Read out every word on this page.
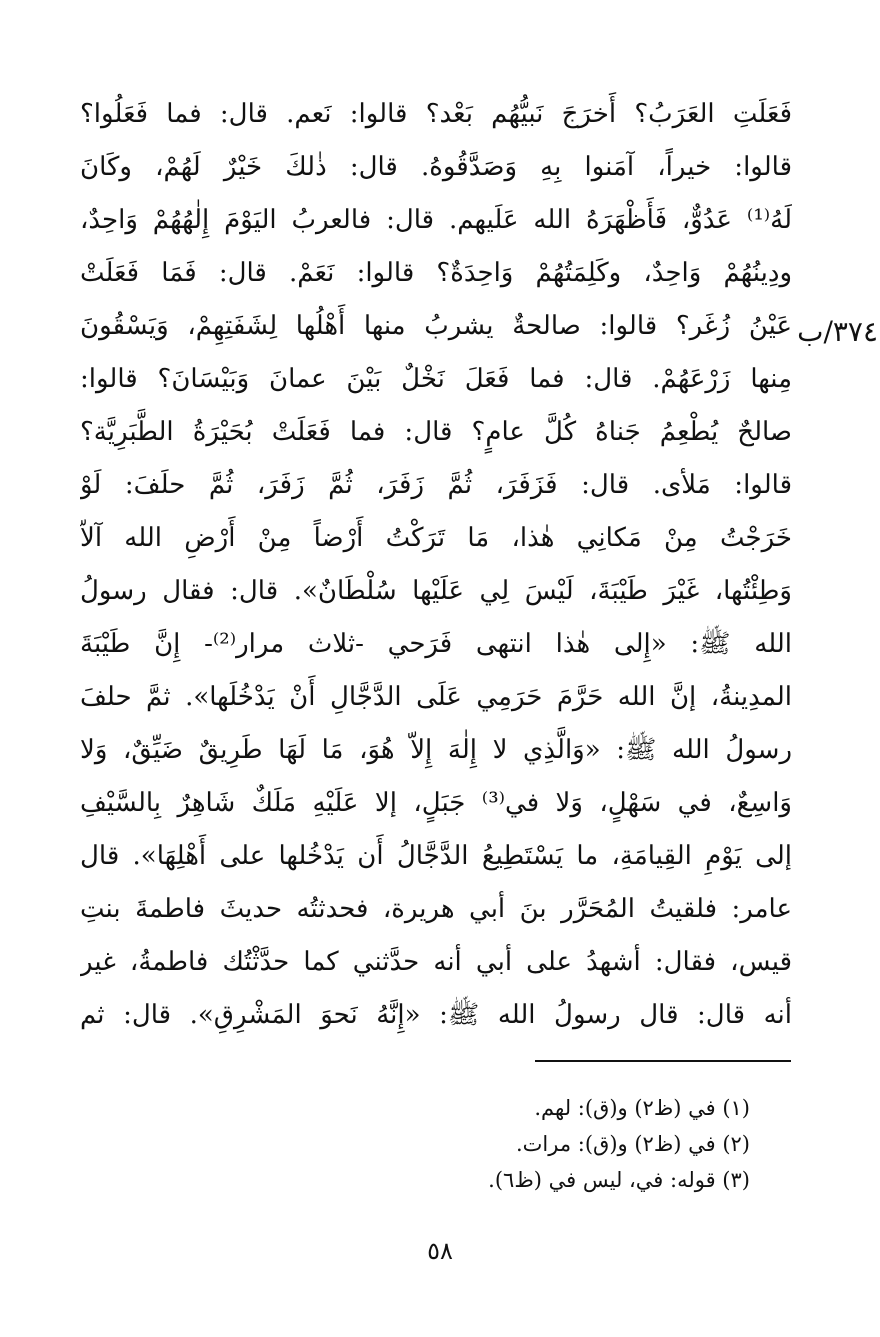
٣٧٤/ب
فَعَلَتِ العَرَبُ؟ أَخرَجَ نَبيُّهُم بَعْد؟ قالوا: نَعم. قال: فما فَعَلُوا؟
قالوا: خيراً، آمَنوا بِهِ وَصَدَّقُوهُ. قال: ذٰلكَ خَيْرٌ لَهُمْ، وكَانَ
لَهُ⁽¹⁾ عَدُوٌّ، فَأَظْهَرَهُ الله عَلَيهم. قال: فالعربُ اليَوْمَ إِلٰهُهُمْ وَاحِدٌ،
ودِينُهُمْ وَاحِدٌ، وكَلِمَتُهُمْ وَاحِدَةٌ؟ قالوا: نَعَمْ. قال: فَمَا فَعَلَتْ
عَيْنُ زُغَر؟ قالوا: صالحةٌ يشربُ منها أَهْلُها لِشَفَتِهِمْ، وَيَسْقُونَ
مِنها زَرْعَهُمْ. قال: فما فَعَلَ نَخْلٌ بَيْنَ عمانَ وَبَيْسَانَ؟ قالوا:
صالحٌ يُطْعِمُ جَناهُ كُلَّ عامٍ؟ قال: فما فَعَلَتْ بُحَيْرَةُ الطَّبَرِيَّة؟
قالوا: مَلأى. قال: فَزَفَرَ، ثُمَّ زَفَرَ، ثُمَّ زَفَرَ، ثُمَّ حلَفَ: لَوْ
خَرَجْتُ مِنْ مَكانِي هٰذا، مَا تَرَكْتُ أَرْضاً مِنْ أَرْضِ الله آلاّ
وَطِئْتُها، غَيْرَ طَيْبَةَ، لَيْسَ لِي عَلَيْها سُلْطَانٌ». قال: فقال رسولُ
الله ﷺ: «إِلى هٰذا انتهى فَرَحي -ثلاث مرار⁽²⁾- إِنَّ طَيْبَةَ
المدِينةُ، إنَّ الله حَرَّمَ حَرَمِي عَلَى الدَّجَّالِ أَنْ يَدْخُلَها». ثمَّ حلفَ
رسولُ الله ﷺ: «وَالَّذِي لا إِلٰهَ إِلاّ هُوَ، مَا لَهَا طَرِيقٌ ضَيِّقٌ، وَلا
وَاسِعٌ، في سَهْلٍ، وَلا في⁽³⁾ جَبَلٍ، إلا عَلَيْهِ مَلَكٌ شَاهِرٌ بِالسَّيْفِ
إلى يَوْمِ القِيامَةِ، ما يَسْتَطِيعُ الدَّجَّالُ أَن يَدْخُلها على أَهْلِهَا». قال
عامر: فلقيتُ المُحَرَّر بنَ أبي هريرة، فحدثتُه حديثَ فاطمةَ بنتِ
قيس، فقال: أشهدُ على أبي أنه حدَّثني كما حدَّثْتُك فاطمةُ، غير
أنه قال: قال رسولُ الله ﷺ: «إِنَّهُ نَحوَ المَشْرِقِ». قال: ثم
(١) في (ظ٢) و(ق): لهم.
(٢) في (ظ٢) و(ق): مرات.
(٣) قوله: في، ليس في (ظ٦).
٥٨
